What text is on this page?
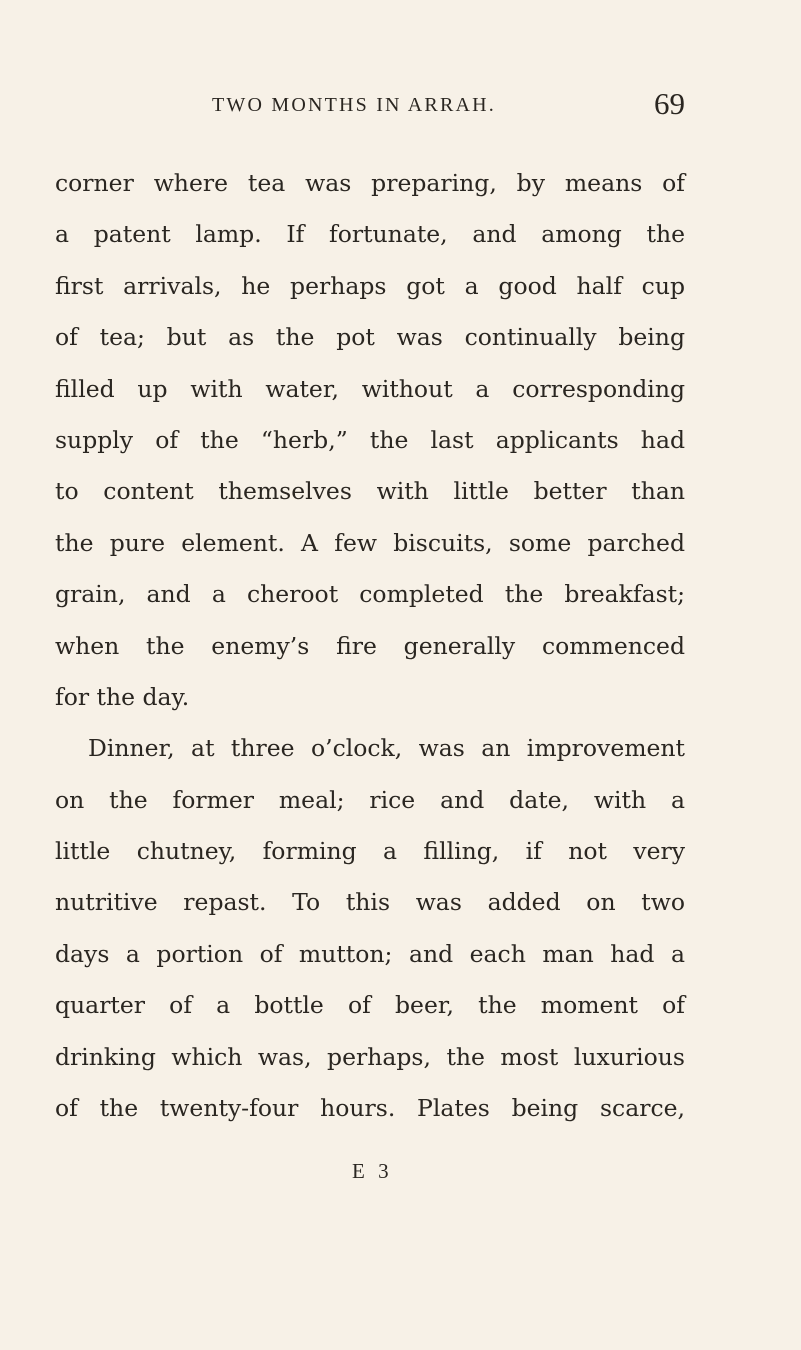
TWO MONTHS IN ARRAH.	69
corner where tea was preparing, by means of
a patent lamp. If fortunate, and among the
first arrivals, he perhaps got a good half cup
of tea; but as the pot was continually being
filled up with water, without a corresponding
supply of the “herb,” the last applicants had
to content themselves with little better than
the pure element. A few biscuits, some parched
grain, and a cheroot completed the breakfast;
when the enemy’s fire generally commenced
for the day.
Dinner, at three o’clock, was an improvement
on the former meal; rice and date, with a
little chutney, forming a filling, if not very
nutritive repast. To this was added on two
days a portion of mutton; and each man had a
quarter of a bottle of beer, the moment of
drinking which was, perhaps, the most luxurious
of the twenty-four hours. Plates being scarce,
E 3
